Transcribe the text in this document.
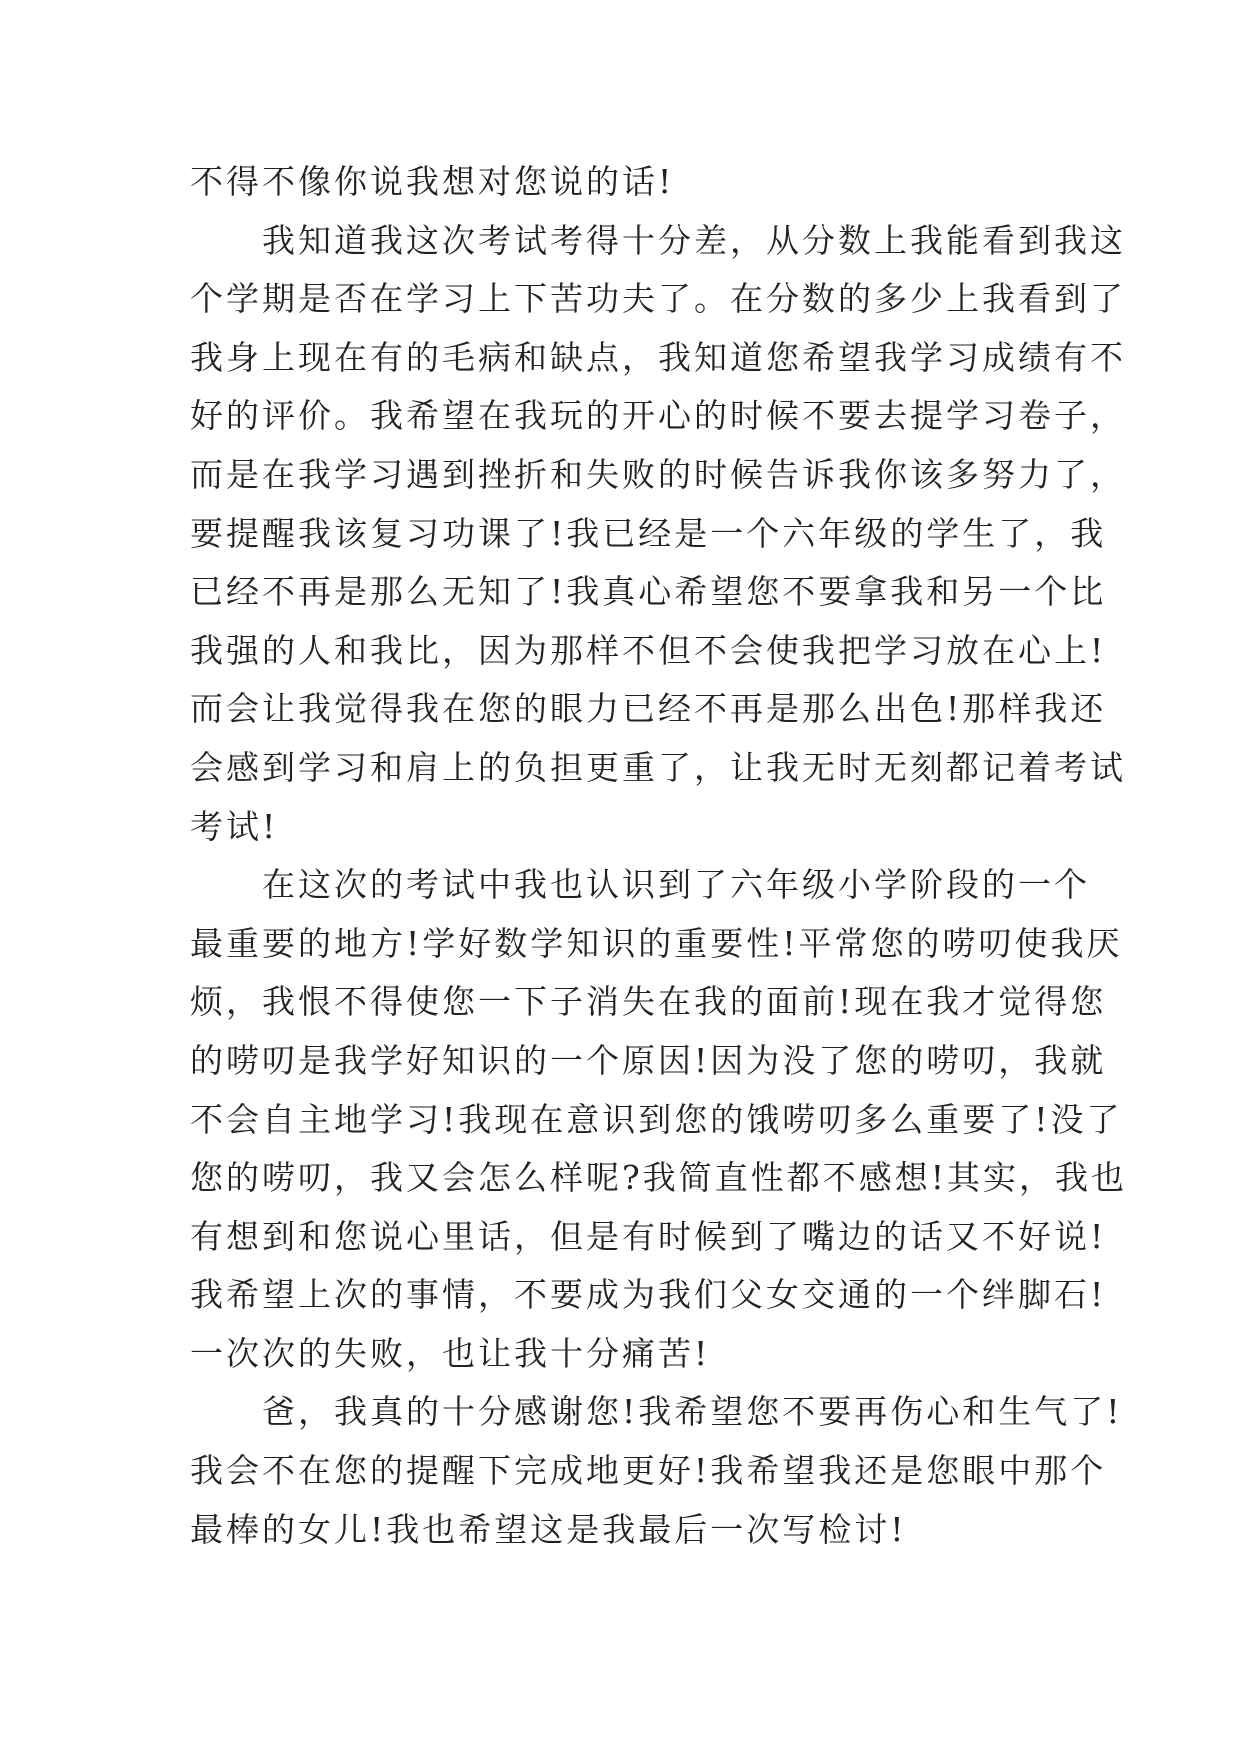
不得不像你说我想对您说的话!
我知道我这次考试考得十分差，从分数上我能看到我这
个学期是否在学习上下苦功夫了。在分数的多少上我看到了
我身上现在有的毛病和缺点，我知道您希望我学习成绩有不
好的评价。我希望在我玩的开心的时候不要去提学习卷子，
而是在我学习遇到挫折和失败的时候告诉我你该多努力了，
要提醒我该复习功课了!我已经是一个六年级的学生了，我
已经不再是那么无知了!我真心希望您不要拿我和另一个比
我强的人和我比，因为那样不但不会使我把学习放在心上!
而会让我觉得我在您的眼力已经不再是那么出色!那样我还
会感到学习和肩上的负担更重了，让我无时无刻都记着考试
考试!
在这次的考试中我也认识到了六年级小学阶段的一个
最重要的地方!学好数学知识的重要性!平常您的唠叨使我厌
烦，我恨不得使您一下子消失在我的面前!现在我才觉得您
的唠叨是我学好知识的一个原因!因为没了您的唠叨，我就
不会自主地学习!我现在意识到您的饿唠叨多么重要了!没了
您的唠叨，我又会怎么样呢?我简直性都不感想!其实，我也
有想到和您说心里话，但是有时候到了嘴边的话又不好说!
我希望上次的事情，不要成为我们父女交通的一个绊脚石!
一次次的失败，也让我十分痛苦!
爸，我真的十分感谢您!我希望您不要再伤心和生气了!
我会不在您的提醒下完成地更好!我希望我还是您眼中那个
最棒的女儿!我也希望这是我最后一次写检讨!
